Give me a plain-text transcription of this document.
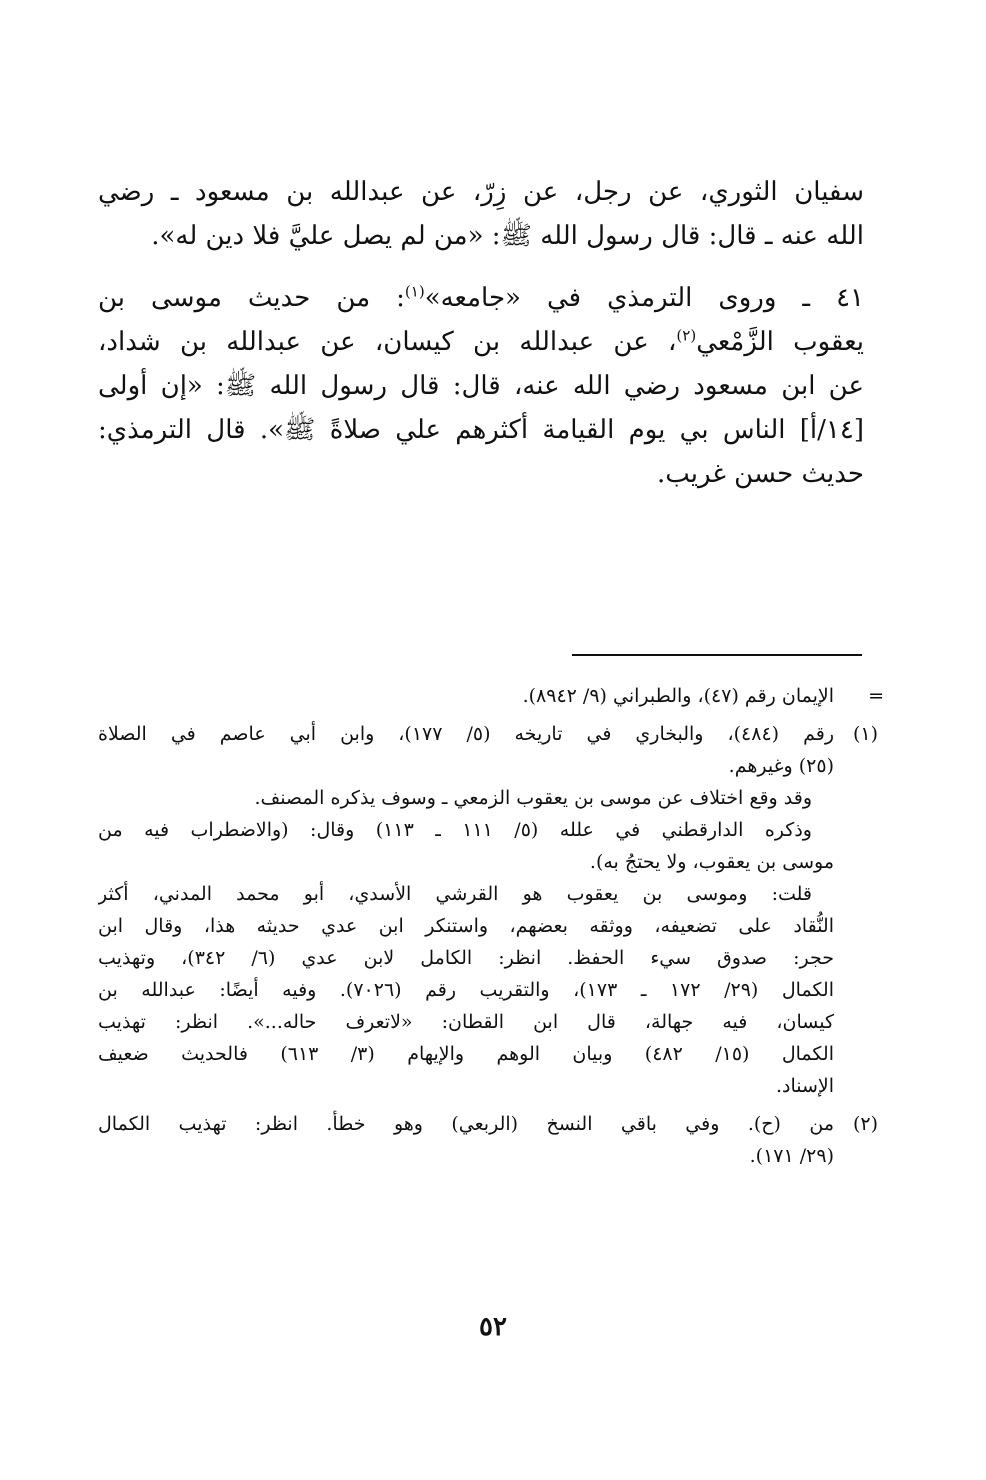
سفيان الثوري، عن رجل، عن زِرّ، عن عبدالله بن مسعود ـ رضي
الله عنه ـ قال: قال رسول الله ﷺ: «من لم يصل عليَّ فلا دين له».

٤١ ـ وروى الترمذي في «جامعه»$^{(١)}$: من حديث موسى بن
يعقوب الزَّمْعي$^{(٢)}$، عن عبدالله بن كيسان، عن عبدالله بن شداد،
عن ابن مسعود رضي الله عنه، قال: قال رسول الله ﷺ: «إن أولى
[١٤/أ] الناس بي يوم القيامة أكثرهم علي صلاةً ﷺ». قال الترمذي:
حديث حسن غريب.

=
الإيمان رقم (٤٧)، والطبراني (٩/ ٨٩٤٢).
(١)
رقم (٤٨٤)، والبخاري في تاريخه (٥/ ١٧٧)، وابن أبي عاصم في الصلاة
(٢٥) وغيرهم.
وقد وقع اختلاف عن موسى بن يعقوب الزمعي ـ وسوف يذكره المصنف.
وذكره الدارقطني في علله (٥/ ١١١ ـ ١١٣) وقال: (والاضطراب فيه من
موسى بن يعقوب، ولا يحتجُ به).
قلت: وموسى بن يعقوب هو القرشي الأسدي، أبو محمد المدني، أكثر
النُّقاد على تضعيفه، ووثقه بعضهم، واستنكر ابن عدي حديثه هذا، وقال ابن
حجر: صدوق سيء الحفظ. انظر: الكامل لابن عدي (٦/ ٣٤٢)، وتهذيب
الكمال (٢٩/ ١٧٢ ـ ١٧٣)، والتقريب رقم (٧٠٢٦). وفيه أيضًا: عبدالله بن
كيسان، فيه جهالة، قال ابن القطان: «لاتعرف حاله...». انظر: تهذيب
الكمال (١٥/ ٤٨٢) وبيان الوهم والإيهام (٣/ ٦١٣) فالحديث ضعيف
الإسناد.
(٢)
من (ح). وفي باقي النسخ (الربعي) وهو خطأ. انظر: تهذيب الكمال
(٢٩/ ١٧١).
٥٢
